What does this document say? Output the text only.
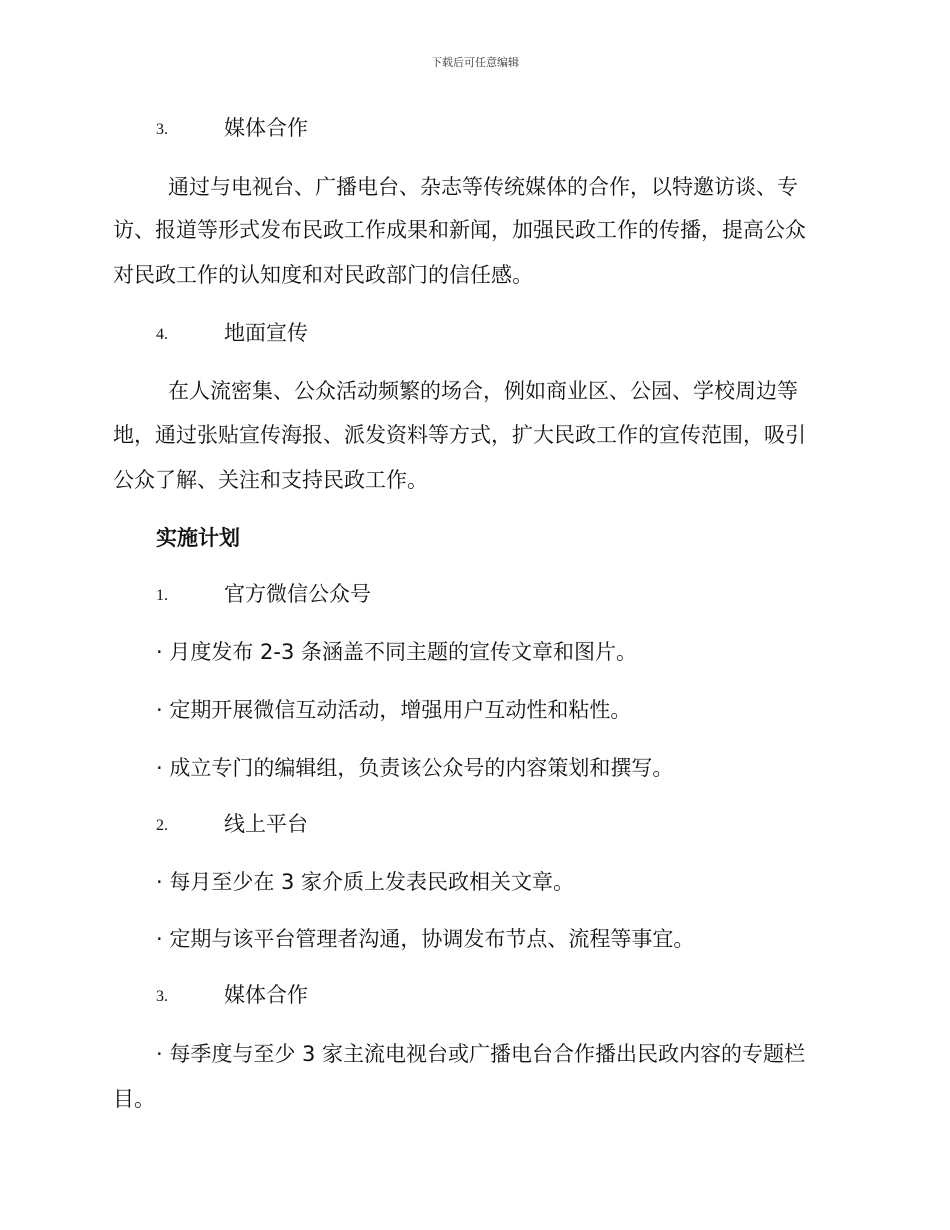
下载后可任意编辑
3.	媒体合作
通过与电视台、广播电台、杂志等传统媒体的合作，以特邀访谈、专
访、报道等形式发布民政工作成果和新闻，加强民政工作的传播，提高公众
对民政工作的认知度和对民政部门的信任感。
4.	地面宣传
在人流密集、公众活动频繁的场合，例如商业区、公园、学校周边等
地，通过张贴宣传海报、派发资料等方式，扩大民政工作的宣传范围，吸引
公众了解、关注和支持民政工作。
实施计划
1.	官方微信公众号
· 月度发布 2-3 条涵盖不同主题的宣传文章和图片。
· 定期开展微信互动活动，增强用户互动性和粘性。
· 成立专门的编辑组，负责该公众号的内容策划和撰写。
2.	线上平台
· 每月至少在 3 家介质上发表民政相关文章。
· 定期与该平台管理者沟通，协调发布节点、流程等事宜。
3.	媒体合作
· 每季度与至少 3 家主流电视台或广播电台合作播出民政内容的专题栏
目。
